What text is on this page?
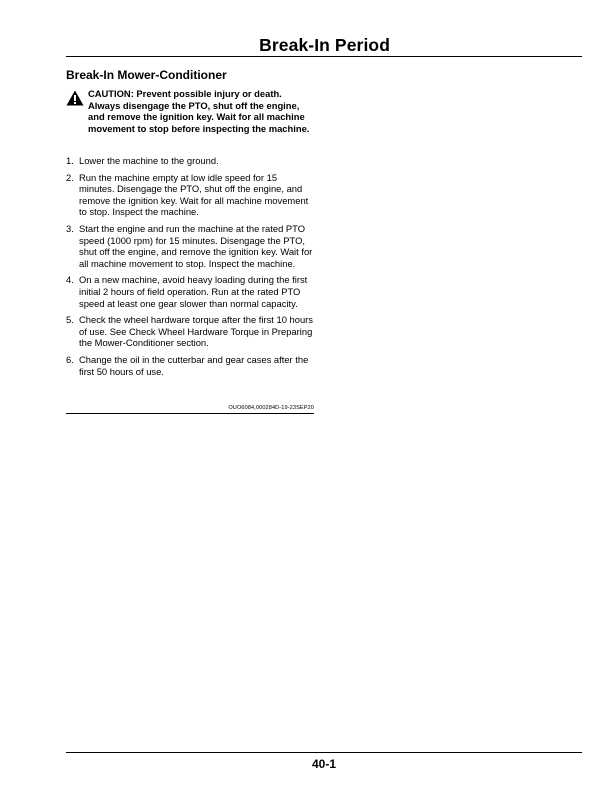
Break-In Period
Break-In Mower-Conditioner
CAUTION: Prevent possible injury or death. Always disengage the PTO, shut off the engine, and remove the ignition key. Wait for all machine movement to stop before inspecting the machine.
1. Lower the machine to the ground.
2. Run the machine empty at low idle speed for 15 minutes. Disengage the PTO, shut off the engine, and remove the ignition key. Wait for all machine movement to stop. Inspect the machine.
3. Start the engine and run the machine at the rated PTO speed (1000 rpm) for 15 minutes. Disengage the PTO, shut off the engine, and remove the ignition key. Wait for all machine movement to stop. Inspect the machine.
4. On a new machine, avoid heavy loading during the first initial 2 hours of field operation. Run at the rated PTO speed at least one gear slower than normal capacity.
5. Check the wheel hardware torque after the first 10 hours of use. See Check Wheel Hardware Torque in Preparing the Mower-Conditioner section.
6. Change the oil in the cutterbar and gear cases after the first 50 hours of use.
OUO6084,000284D-19-23SEP20
40-1
